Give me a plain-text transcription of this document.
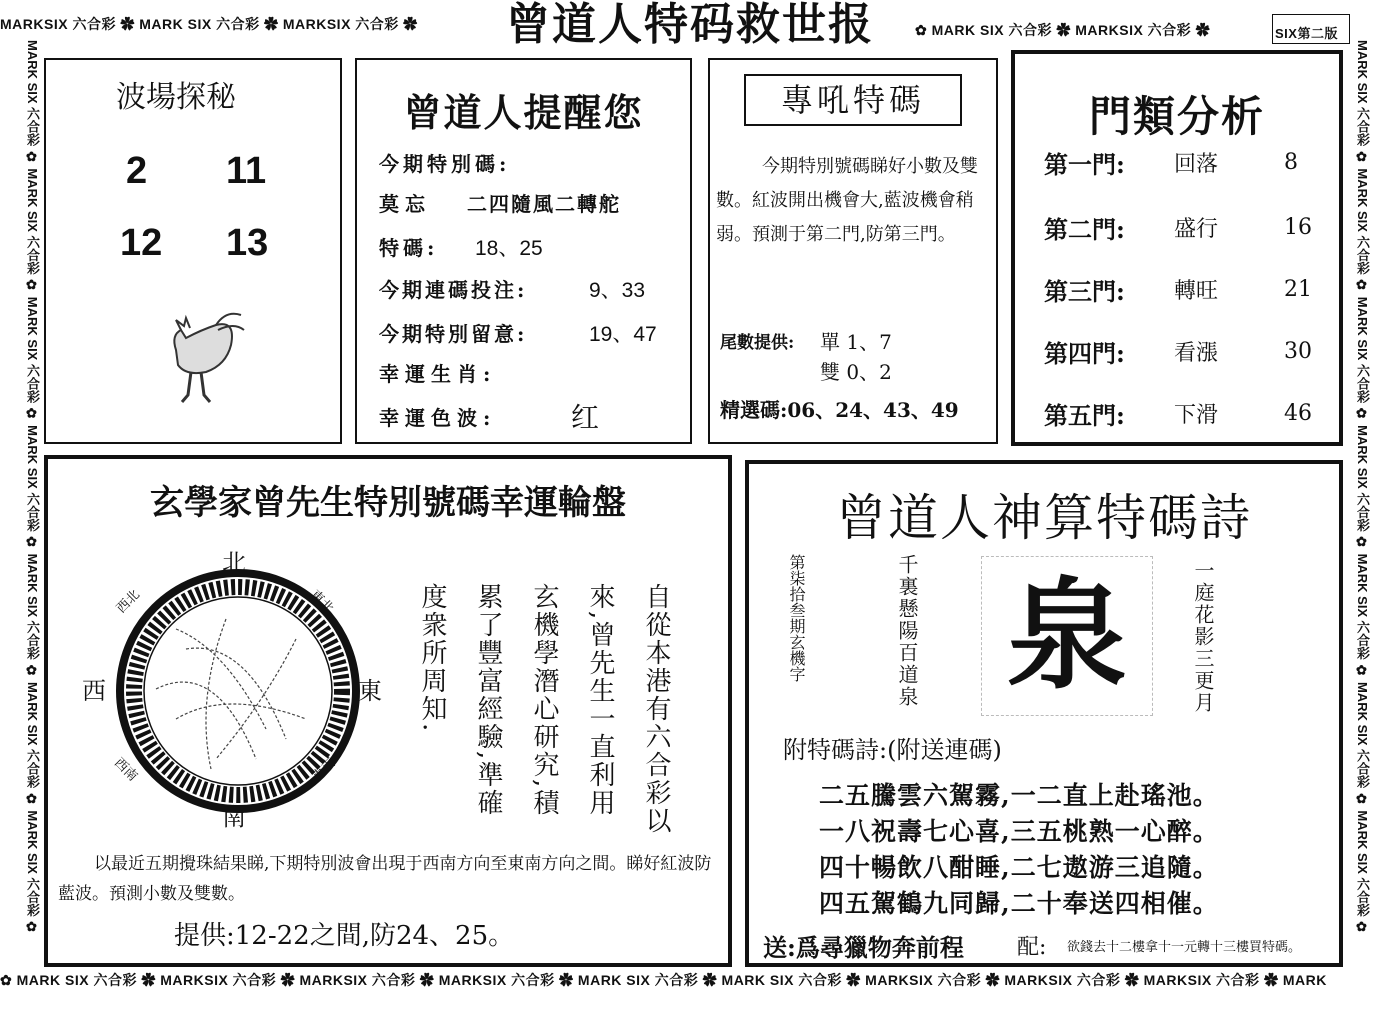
MARKSIX 六合彩 ✿ MARK SIX 六合彩 ✿ MARKSIX 六合彩 ✿	✿ MARK SIX 六合彩 ✿ MARKSIX 六合彩 ✿	SIX第二版
✿ MARK SIX 六合彩 ✿ MARKSIX 六合彩 ✿ MARKSIX 六合彩 ✿ MARKSIX 六合彩 ✿ MARK SIX 六合彩 ✿ MARK SIX 六合彩 ✿ MARKSIX 六合彩 ✿ MARKSIX 六合彩 ✿ MARKSIX 六合彩 ✿ MARK
MARK SIX 六合彩 ✿ MARK SIX 六合彩 ✿ MARK SIX 六合彩 ✿ MARK SIX 六合彩 ✿ MARK SIX 六合彩 ✿ MARK SIX 六合彩 ✿ MARK SIX 六合彩 ✿	MARK SIX 六合彩 ✿ MARK SIX 六合彩 ✿ MARK SIX 六合彩 ✿ MARK SIX 六合彩 ✿ MARK SIX 六合彩 ✿ MARK SIX 六合彩 ✿ MARK SIX 六合彩 ✿
曾道人特码救世报
波場探秘
2 11
12 13
曾道人提醒您
今期特別碼:
莫忘 二四隨風二轉舵
特碼: 18、25
今期連碼投注:	9、33
今期特別留意:	19、47
幸運生肖:
幸運色波:	红
專吼特碼
今期特別號碼睇好小數及雙數。紅波開出機會大,藍波機會稍弱。預測于第二門,防第三門。
尾數提供: 單 1、7
雙 0、2
精選碼:06、24、43、49
門類分析
第一門:	回落	8
第二門:	盛行	16
第三門:	轉旺	21
第四門:	看漲	30
第五門:	下滑	46
玄學家曾先生特別號碼幸運輪盤
北
南
西	東
西北	東北
西南	東南	自從本港有六合彩以
來,曾先生一直利用
玄機學潛心研究,積
累了豐富經驗,準確
度衆所周知.
以最近五期攪珠結果睇,下期特別波會出現于西南方向至東南方向之間。睇好紅波防藍波。預測小數及雙數。
提供:12-22之間,防24、25。
曾道人神算特碼詩
第柒拾叁期玄機字	千裏懸陽百道泉	一庭花影三更月
泉
附特碼詩:(附送連碼)
二五騰雲六駕霧,一二直上赴瑤池。
一八祝壽七心喜,三五桃熟一心醉。
四十暢飲八酣睡,二七遨游三追隨。
四五駕鶴九同歸,二十奉送四相催。
送:爲尋獵物奔前程 配: 欲錢去十二樓拿十一元轉十三樓買特碼。
